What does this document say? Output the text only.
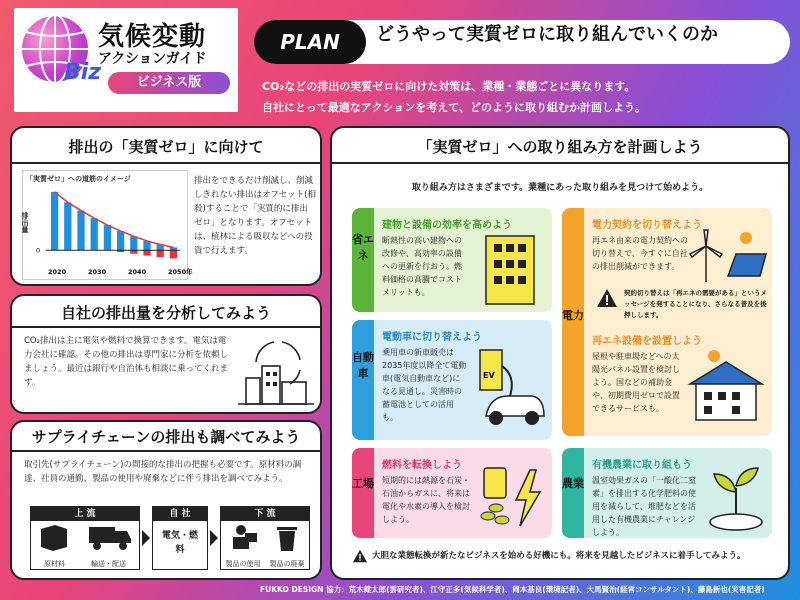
Biz
気候変動
アクションガイド
ビジネス版
PLAN	どうやって実質ゼロに取り組んでいくのか
CO₂などの排出の実質ゼロに向けた対策は、業種・業態ごとに異なります。
自社にとって最適なアクションを考えて、どのように取り組むか計画しよう。
排出の「実質ゼロ」に向けて
「実質ゼロ」への道筋のイメージ
排出量
2020	2030	2040	2050年
0
排出をできるだけ削減し、削減しきれない排出はオフセット(相殺)することで「実質的に排出ゼロ」となります。オフセットは、植林による吸収などへの投資で行えます。
自社の排出量を分析してみよう
CO₂排出は主に電気や燃料で換算できます。電気は電力会社に確認。その他の排出は専門家に分析を依頼しましょう。最近は銀行や自治体も相談に乗ってくれます。
サプライチェーンの排出も調べてみよう
取引先(サプライチェーン)の間接的な排出の把握も必要です。原材料の調達、社員の通勤、製品の使用や廃棄などに伴う排出を調べてみよう。
上 流
原材料	輸送・配送
自 社
電気・燃料
下 流
製品の使用 製品の廃棄
「実質ゼロ」への取り組み方を計画しよう
取り組み方はさまざまです。業種にあった取り組みを見つけて始めよう。
省エネ
建物と設備の効率を高めよう
断熱性の高い建物への改修や、高効率の設備への更新を行おう。燃料価格の高騰でコストメリットも。
自動車
電動車に切り替えよう
乗用車の新車販売は2035年度以降全て電動車(電気自動車など)になる見通し。災害時の蓄電池としての活用も。
EV
工場
燃料を転換しよう
短期的には熱源を石炭・石油からガスに、将来は電化や水素の導入を検討しよう。
電力
電力契約を切り替えよう
再エネ由来の電力契約への切り替えで、今すぐに自社の排出削減ができます。
契約切り替えは「再エネの需要がある」というメッセージを発することになり、さらなる普及を後押しします。
再エネ設備を設置しよう
屋根や駐車場などへの太陽光パネル設置を検討しよう。国などの補助金や、初期費用ゼロで設置できるサービスも。
農業
有機農業に取り組もう
温室効果ガスの「一酸化二窒素」を排出する化学肥料の使用を減らして、堆肥などを活用した有機農業にチャレンジしよう。
大胆な業態転換が新たなビジネスを始める好機にも。将来を見越したビジネスに着手してみよう。
FUKKO DESIGN 協力：荒木健太郎(雲研究者)、江守正多(気候科学者)、岡本基良(環境記者)、大馬賢治(経営コンサルタント)、藤島新也(災害記者)
